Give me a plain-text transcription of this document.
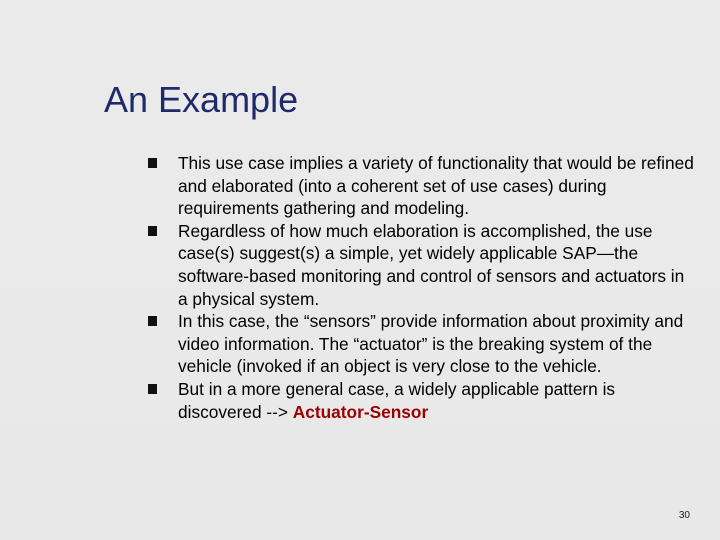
An Example
This use case implies a variety of functionality that would be refined and elaborated (into a coherent set of use cases) during requirements gathering and modeling.
Regardless of how much elaboration is accomplished, the use case(s) suggest(s) a simple, yet widely applicable SAP—the software-based monitoring and control of sensors and actuators in a physical system.
In this case, the “sensors” provide information about proximity and video information. The “actuator” is the breaking system of the vehicle (invoked if an object is very close to the vehicle.
But in a more general case, a widely applicable pattern is discovered --> Actuator-Sensor
30
